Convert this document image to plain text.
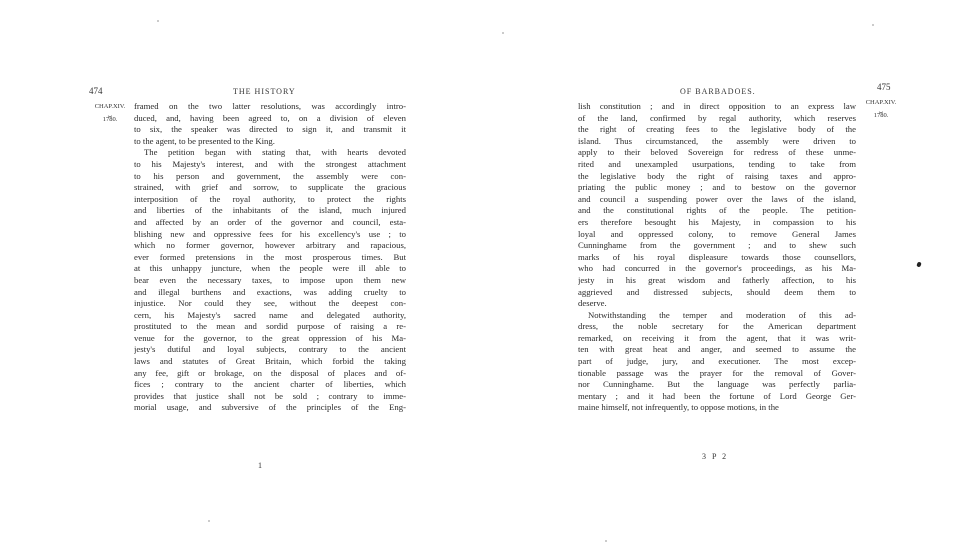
474	THE HISTORY
CHAP.XIV.
⏟
1780.
framed on the two latter resolutions, was accordingly intro-
duced, and, having been agreed to, on a division of eleven
to six, the speaker was directed to sign it, and transmit it
to the agent, to be presented to the King.
The petition began with stating that, with hearts devoted
to his Majesty's interest, and with the strongest attachment
to his person and government, the assembly were con-
strained, with grief and sorrow, to supplicate the gracious
interposition of the royal authority, to protect the rights
and liberties of the inhabitants of the island, much injured
and affected by an order of the governor and council, esta-
blishing new and oppressive fees for his excellency's use ; to
which no former governor, however arbitrary and rapacious,
ever formed pretensions in the most prosperous times. But
at this unhappy juncture, when the people were ill able to
bear even the necessary taxes, to impose upon them new
and illegal burthens and exactions, was adding cruelty to
injustice. Nor could they see, without the deepest con-
cern, his Majesty's sacred name and delegated authority,
prostituted to the mean and sordid purpose of raising a re-
venue for the governor, to the great oppression of his Ma-
jesty's dutiful and loyal subjects, contrary to the ancient
laws and statutes of Great Britain, which forbid the taking
any fee, gift or brokage, on the disposal of places and of-
fices ; contrary to the ancient charter of liberties, which
provides that justice shall not be sold ; contrary to imme-
morial usage, and subversive of the principles of the Eng-
1
OF BARBADOES.	475
CHAP.XIV.
⏟
1780.
3 P 2
lish constitution ; and in direct opposition to an express law
of the land, confirmed by regal authority, which reserves
the right of creating fees to the legislative body of the
island. Thus circumstanced, the assembly were driven to
apply to their beloved Sovereign for redress of these unme-
rited and unexampled usurpations, tending to take from
the legislative body the right of raising taxes and appro-
priating the public money ; and to bestow on the governor
and council a suspending power over the laws of the island,
and the constitutional rights of the people. The petition-
ers therefore besought his Majesty, in compassion to his
loyal and oppressed colony, to remove General James
Cunninghame from the government ; and to shew such
marks of his royal displeasure towards those counsellors,
who had concurred in the governor's proceedings, as his Ma-
jesty in his great wisdom and fatherly affection, to his
aggrieved and distressed subjects, should deem them to
deserve.
Notwithstanding the temper and moderation of this ad-
dress, the noble secretary for the American department
remarked, on receiving it from the agent, that it was writ-
ten with great heat and anger, and seemed to assume the
part of judge, jury, and executioner. The most excep-
tionable passage was the prayer for the removal of Gover-
nor Cunninghame. But the language was perfectly parlia-
mentary ; and it had been the fortune of Lord George Ger-
maine himself, not infrequently, to oppose motions, in the
